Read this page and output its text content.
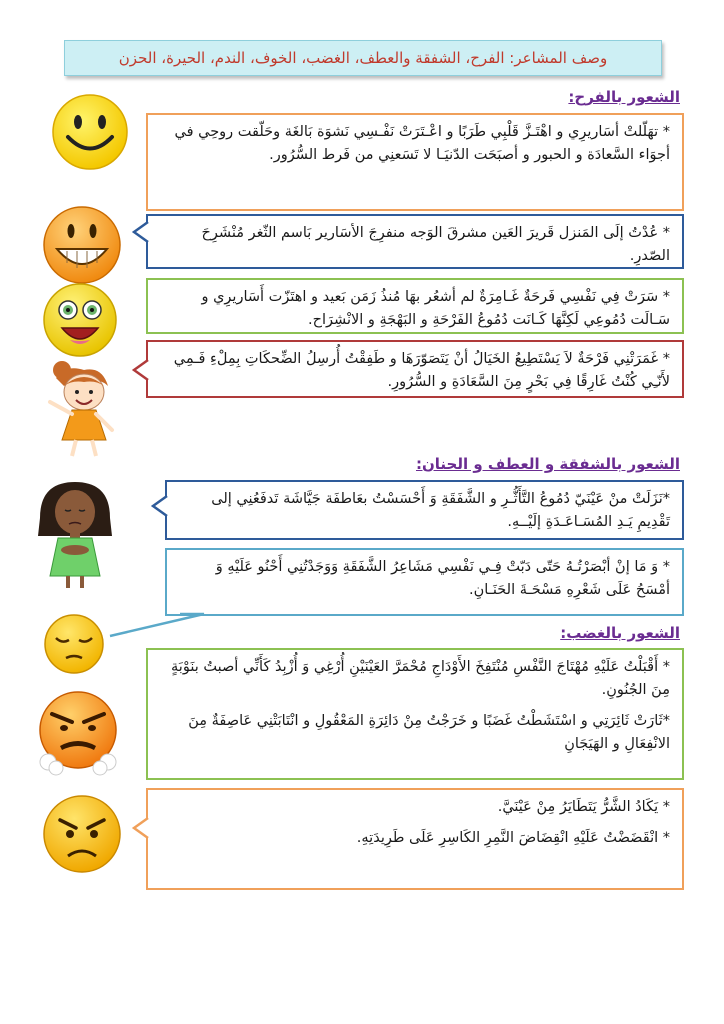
وصف المشاعر: الفرح، الشفقة والعطف، الغضب، الخوف، الندم، الحيرة، الحزن
الشعور بالفرح:

* تهَلّلتْ أسَاريرِي و اهْتَـزَّ قَلْبِي طَرَبًا و اعْـتَرَتْ نَفْـسِي نَشوَة بَالغَة وحَلّقت روحِي في أجوَاء السَّعادَة و الحبور و أصبَحَت الدّنيَـا لا تَسَعنِي من فَرط السُّرُور.

* عُدْتُ إلَى المَنزل قَريرَ العَين مشرقَ الوَجه منفرِجَ الأسَارير بَاسم الثّغر مُنْشَرِحَ الصّدرِ.

* سَرَتْ فِي نَفْسِي فَرحَةٌ غَـامِرَةٌ لم أشعُر بهَا مُنذُ زَمَن بَعيد و اهتَزّت أَسَاريرِي و سَـالَت دُمُوعِي لَكِنَّهَا كَـانَت دُمُوعُ الفَرْحَةِ و البَهْجَةِ و الانْشِرَاح.

* غَمَرَتْنِي فَرْحَةٌ لاَ يَسْتَطِيعُ الخَيَالُ أنْ يَتَصَوّرَهَا و طَفِقْتُ أُرسِلُ الضِّحكَاتِ بِمِلْءِ فَـمِي لأَنّـِي كُنْتُ غَارِقًا فِي بَحْرٍ مِنَ السَّعَادَةِ و السُّرُورِ.

الشعور بالشفقة و العطف و الحنان:

*نَزَلَتْ منْ عَيْنَيّ دُمُوعُ التَّأَثُّـرِ و الشَّفَقَةِ وَ أَحْسَسْتُ بعَاطفَة جَيَّاشَة تَدفَعُنِي إلى تَقْدِيمِ يَـدِ المُسَـاعَـدَةِ إلَيْــهِ.

* وَ مَا إنْ أبْصَرْتُـهُ حَتّى دَبّتْ فِـي نَفْسِي مَشَاعِرُ الشَّفَقَةِ وَوَجَدْتُنِي أَحْنُو عَلَيْهِ وَ أمْسَحُ عَلَى شَعْرِهِ مَسْحَـةَ الحَنَـانِ.

الشعور بالغضب:

* أَقْبَلْتُ عَلَيْهِ مُهْتَاجَ النَّفْسِ مُنْتَفِخَ الأَوْدَاجِ مُحْمَرَّ العَيْنَيْنِ أُرْغِي وَ أُزْبِدُ كَأَنِّي أصبتُ بنَوْبَةٍ مِنَ الجُنُونِ.

*ثَارَتْ ثَائِرَتِي و اسْتَشَطْتُ غَضَبًا و خَرَجْتُ مِنْ دَائِرَةِ المَعْقُولِ و انْتَابَتْنِي عَاصِفَةٌ مِنَ الانْفِعَالِ و الهَيَجَانِ

* يَكَادُ الشَّرُّ يَتَطَايَرُ مِنْ عَيْنَيَّ.

* انْقَضَضْتُ عَلَيْهِ انْقِضَاضَ النَّمِرِ الكَاسِرِ عَلَى طَرِيدَتِهِ.
